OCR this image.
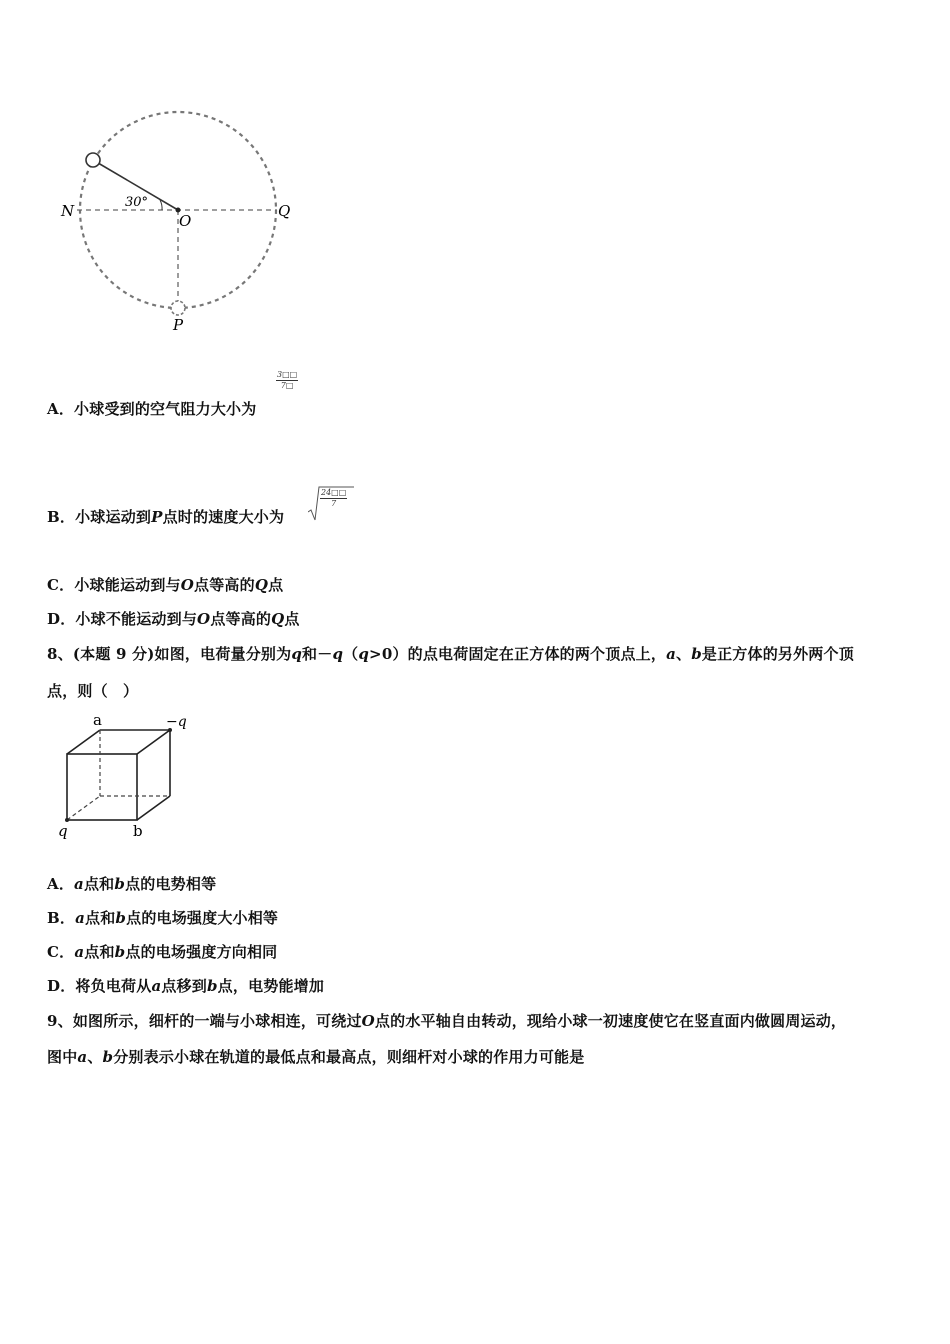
30°
N
O
Q
P
A．小球受到的空气阻力大小为
$\frac{3□□}{7□}$
B．小球运动到P点时的速度大小为
$\frac{24□□}{7}$
C．小球能运动到与O点等高的Q点
D．小球不能运动到与O点等高的Q点
8、(本题 9 分)如图，电荷量分别为q和－q（q>0）的点电荷固定在正方体的两个顶点上，a、b是正方体的另外两个顶
点，则（　）
a	−q
q	b
A．a点和b点的电势相等
B．a点和b点的电场强度大小相等
C．a点和b点的电场强度方向相同
D．将负电荷从a点移到b点，电势能增加
9、如图所示，细杆的一端与小球相连，可绕过O点的水平轴自由转动，现给小球一初速度使它在竖直面内做圆周运动，
图中a、b分别表示小球在轨道的最低点和最高点，则细杆对小球的作用力可能是
